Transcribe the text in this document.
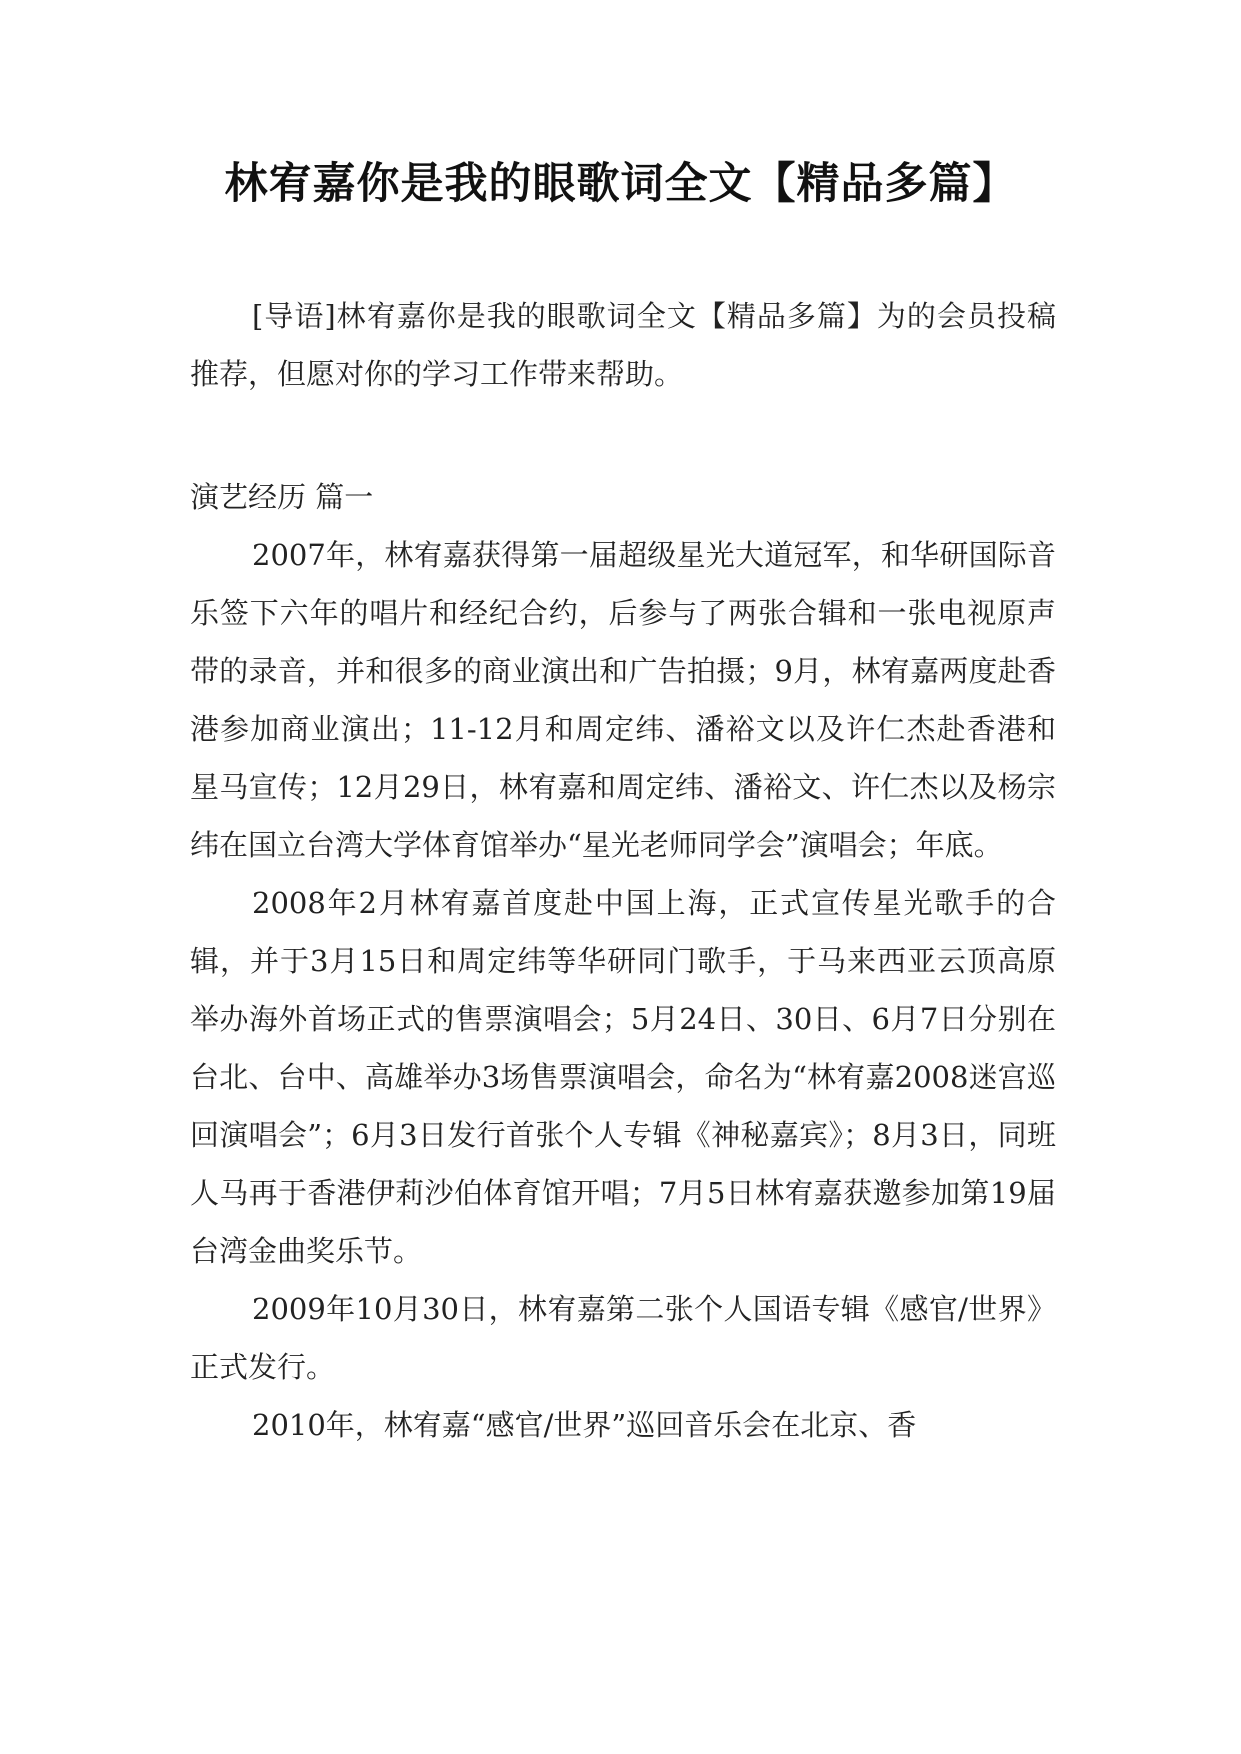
林宥嘉你是我的眼歌词全文【精品多篇】

[导语]林宥嘉你是我的眼歌词全文【精品多篇】为的会员投稿推荐，但愿对你的学习工作带来帮助。

演艺经历 篇一

2007年，林宥嘉获得第一届超级星光大道冠军，和华研国际音乐签下六年的唱片和经纪合约，后参与了两张合辑和一张电视原声带的录音，并和很多的商业演出和广告拍摄；9月，林宥嘉两度赴香港参加商业演出；11-12月和周定纬、潘裕文以及许仁杰赴香港和星马宣传；12月29日，林宥嘉和周定纬、潘裕文、许仁杰以及杨宗纬在国立台湾大学体育馆举办“星光老师同学会”演唱会；年底。

2008年2月林宥嘉首度赴中国上海，正式宣传星光歌手的合辑，并于3月15日和周定纬等华研同门歌手，于马来西亚云顶高原举办海外首场正式的售票演唱会；5月24日、30日、6月7日分别在台北、台中、高雄举办3场售票演唱会，命名为“林宥嘉2008迷宫巡回演唱会”；6月3日发行首张个人专辑《神秘嘉宾》；8月3日，同班人马再于香港伊莉沙伯体育馆开唱；7月5日林宥嘉获邀参加第19届台湾金曲奖乐节。

2009年10月30日，林宥嘉第二张个人国语专辑《感官/世界》正式发行。

2010年，林宥嘉“感官/世界”巡回音乐会在北京、香
